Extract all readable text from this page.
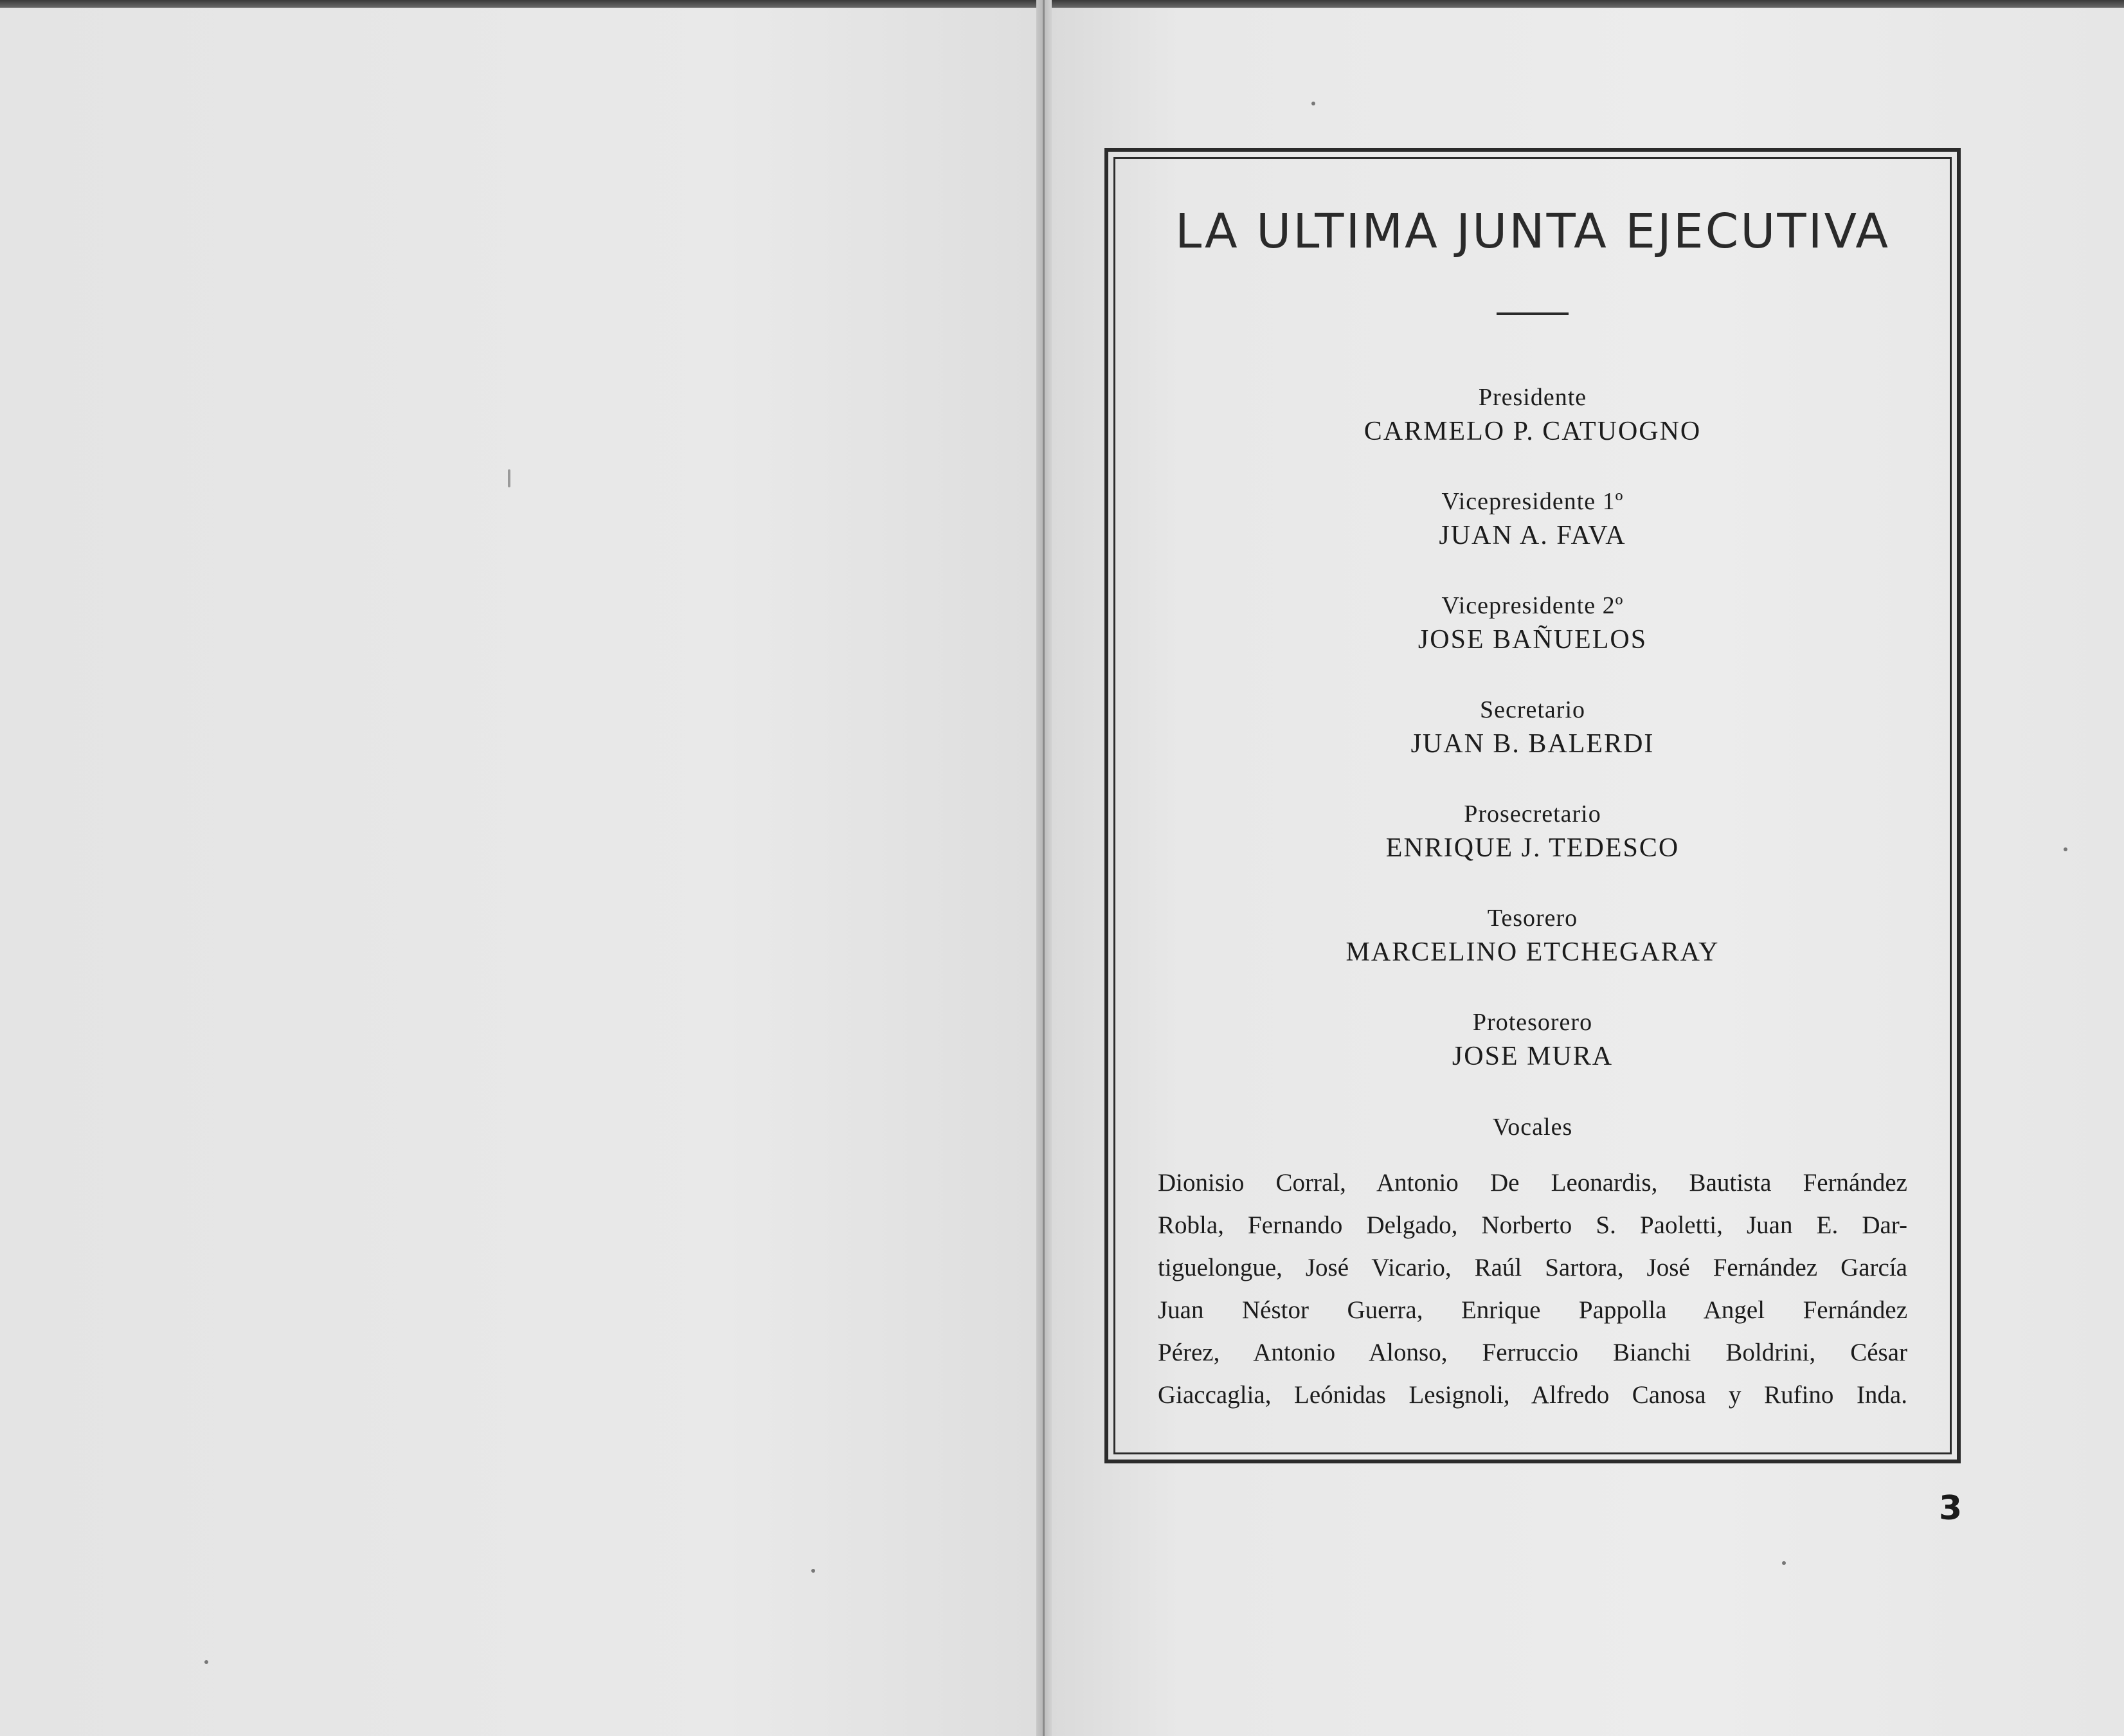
LA ULTIMA JUNTA EJECUTIVA
Presidente
CARMELO P. CATUOGNO
Vicepresidente 1º
JUAN A. FAVA
Vicepresidente 2º
JOSE BAÑUELOS
Secretario
JUAN B. BALERDI
Prosecretario
ENRIQUE J. TEDESCO
Tesorero
MARCELINO ETCHEGARAY
Protesorero
JOSE MURA
Vocales
Dionisio Corral, Antonio De Leonardis, Bautista Fernández
Robla, Fernando Delgado, Norberto S. Paoletti, Juan E. Dar-
tiguelongue, José Vicario, Raúl Sartora, José Fernández García
Juan Néstor Guerra, Enrique Pappolla Angel Fernández
Pérez, Antonio Alonso, Ferruccio Bianchi Boldrini, César
Giaccaglia, Leónidas Lesignoli, Alfredo Canosa y Rufino Inda.
3
